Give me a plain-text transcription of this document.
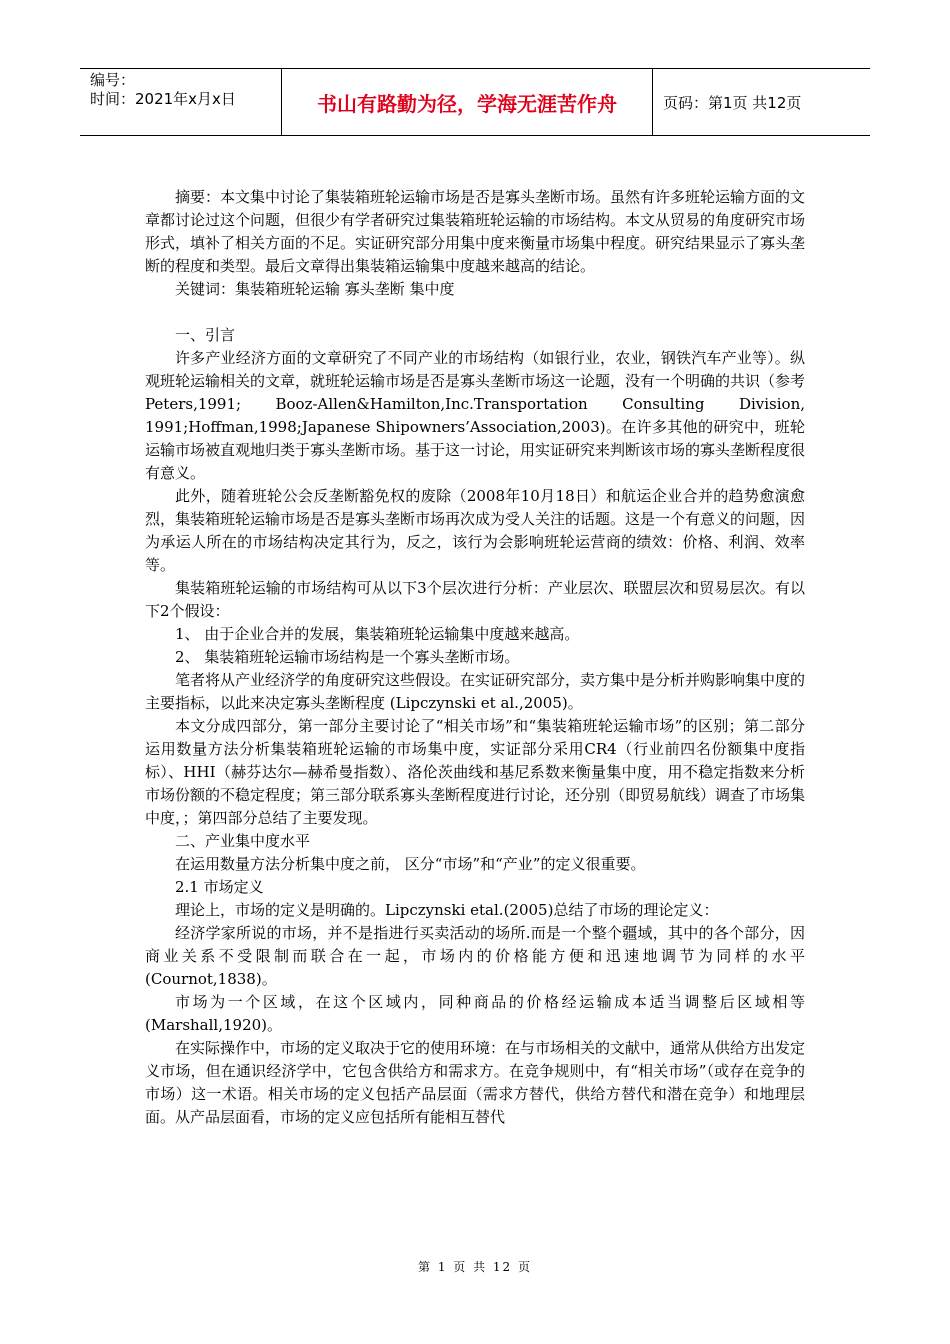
编号：
时间：2021年x月x日	书山有路勤为径，学海无涯苦作舟	页码：第1页 共12页

摘要：本文集中讨论了集装箱班轮运输市场是否是寡头垄断市场。虽然有许多班轮运输方面的文章都讨论过这个问题，但很少有学者研究过集装箱班轮运输的市场结构。本文从贸易的角度研究市场形式，填补了相关方面的不足。实证研究部分用集中度来衡量市场集中程度。研究结果显示了寡头垄断的程度和类型。最后文章得出集装箱运输集中度越来越高的结论。

关键词：集装箱班轮运输 寡头垄断 集中度

一、引言

许多产业经济方面的文章研究了不同产业的市场结构（如银行业，农业，钢铁汽车产业等）。纵观班轮运输相关的文章，就班轮运输市场是否是寡头垄断市场这一论题，没有一个明确的共识（参考Peters,1991; Booz-Allen&Hamilton,Inc.Transportation Consulting Division, 1991;Hoffman,1998;Japanese Shipowners’Association,2003)。在许多其他的研究中，班轮运输市场被直观地归类于寡头垄断市场。基于这一讨论，用实证研究来判断该市场的寡头垄断程度很有意义。

此外，随着班轮公会反垄断豁免权的废除（2008年10月18日）和航运企业合并的趋势愈演愈烈，集装箱班轮运输市场是否是寡头垄断市场再次成为受人关注的话题。这是一个有意义的问题，因为承运人所在的市场结构决定其行为，反之，该行为会影响班轮运营商的绩效：价格、利润、效率等。

集装箱班轮运输的市场结构可从以下3个层次进行分析：产业层次、联盟层次和贸易层次。有以下2个假设：

1、 由于企业合并的发展，集装箱班轮运输集中度越来越高。

2、 集装箱班轮运输市场结构是一个寡头垄断市场。

笔者将从产业经济学的角度研究这些假设。在实证研究部分，卖方集中是分析并购影响集中度的主要指标，以此来决定寡头垄断程度 (Lipczynski et al.,2005)。

本文分成四部分，第一部分主要讨论了“相关市场”和“集装箱班轮运输市场”的区别；第二部分运用数量方法分析集装箱班轮运输的市场集中度，实证部分采用CR4（行业前四名份额集中度指标）、HHI（赫芬达尔—赫希曼指数）、洛伦茨曲线和基尼系数来衡量集中度，用不稳定指数来分析市场份额的不稳定程度；第三部分联系寡头垄断程度进行讨论，还分别（即贸易航线）调查了市场集中度，；第四部分总结了主要发现。

二、产业集中度水平

在运用数量方法分析集中度之前， 区分“市场”和“产业”的定义很重要。

2.1 市场定义

理论上，市场的定义是明确的。Lipczynski etal.(2005)总结了市场的理论定义：

经济学家所说的市场，并不是指进行买卖活动的场所.而是一个整个疆域，其中的各个部分，因商业关系不受限制而联合在一起，市场内的价格能方便和迅速地调节为同样的水平(Cournot,1838)。

市场为一个区域，在这个区域内，同种商品的价格经运输成本适当调整后区域相等(Marshall,1920)。

在实际操作中，市场的定义取决于它的使用环境：在与市场相关的文献中，通常从供给方出发定义市场，但在通识经济学中，它包含供给方和需求方。在竞争规则中，有“相关市场”（或存在竞争的市场）这一术语。相关市场的定义包括产品层面（需求方替代，供给方替代和潜在竞争）和地理层面。从产品层面看，市场的定义应包括所有能相互替代

第 1 页 共 12 页
